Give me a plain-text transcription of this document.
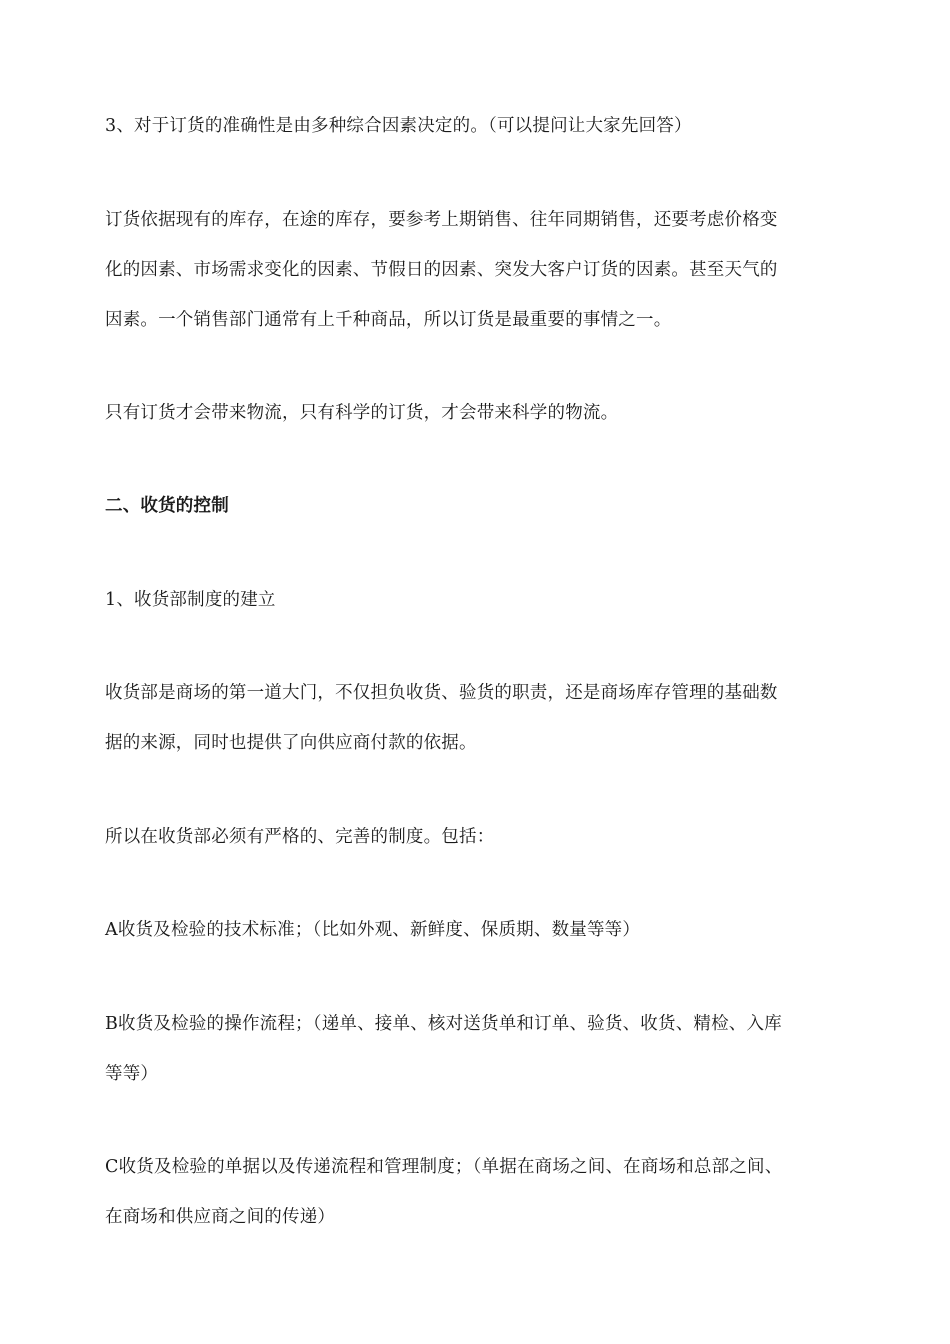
3、对于订货的准确性是由多种综合因素决定的。（可以提问让大家先回答）
订货依据现有的库存，在途的库存，要参考上期销售、往年同期销售，还要考虑价格变
化的因素、市场需求变化的因素、节假日的因素、突发大客户订货的因素。甚至天气的
因素。一个销售部门通常有上千种商品，所以订货是最重要的事情之一。
只有订货才会带来物流，只有科学的订货，才会带来科学的物流。
二、收货的控制
1、收货部制度的建立
收货部是商场的第一道大门，不仅担负收货、验货的职责，还是商场库存管理的基础数
据的来源，同时也提供了向供应商付款的依据。
所以在收货部必须有严格的、完善的制度。包括：
A收货及检验的技术标准；（比如外观、新鲜度、保质期、数量等等）
B收货及检验的操作流程；（递单、接单、核对送货单和订单、验货、收货、精检、入库
等等）
C收货及检验的单据以及传递流程和管理制度；（单据在商场之间、在商场和总部之间、
在商场和供应商之间的传递）
